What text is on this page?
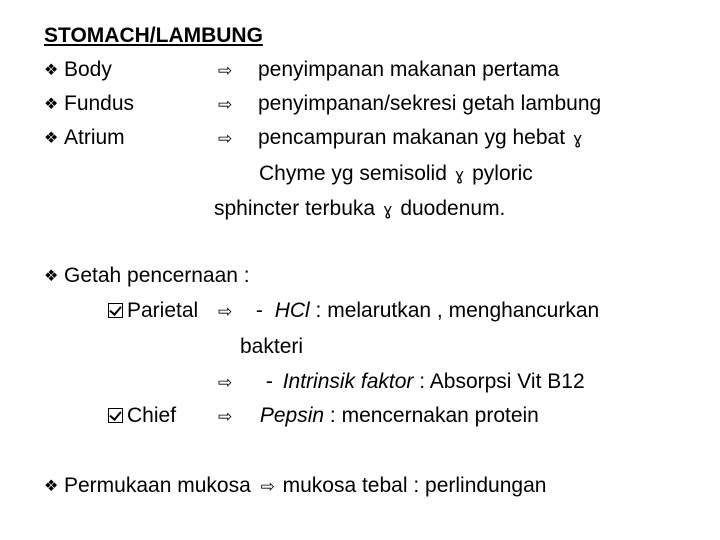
STOMACH/LAMBUNG
❖ Body	⇨ penyimpanan makanan pertama
❖ Fundus	⇨ penyimpanan/sekresi getah lambung
❖ Atrium	⇨ pencampuran makanan yg hebat ɣ
Chyme yg semisolid ɣ pyloric
sphincter terbuka ɣ duodenum.
❖ Getah pencernaan :
Parietal ⇨ - HCl : melarutkan , menghancurkan
bakteri
⇨ - Intrinsik faktor : Absorpsi Vit B12
Chief ⇨ Pepsin : mencernakan protein
❖ Permukaan mukosa ⇨ mukosa tebal : perlindungan
